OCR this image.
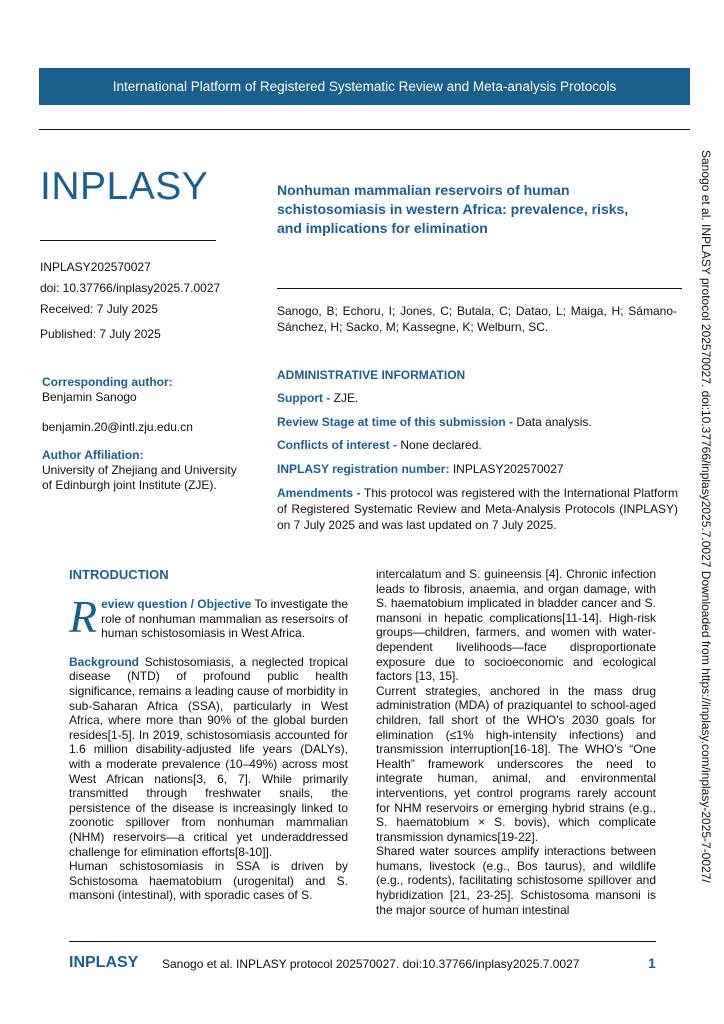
International Platform of Registered Systematic Review and Meta-analysis Protocols
INPLASY
INPLASY202570027
doi: 10.37766/inplasy2025.7.0027
Received: 7 July 2025
Published: 7 July 2025
Corresponding author:
Benjamin Sanogo
benjamin.20@intl.zju.edu.cn
Author Affiliation:
University of Zhejiang and University
of Edinburgh joint Institute (ZJE).
Nonhuman mammalian reservoirs of human
schistosomiasis in western Africa: prevalence, risks,
and implications for elimination
Sanogo, B; Echoru, I; Jones, C; Butala, C; Datao, L; Maiga, H; Sámano-Sánchez, H; Sacko, M; Kassegne, K; Welburn, SC.
ADMINISTRATIVE INFORMATION
Support - ZJE.
Review Stage at time of this submission - Data analysis.
Conflicts of interest - None declared.
INPLASY registration number: INPLASY202570027
Amendments - This protocol was registered with the International Platform of Registered Systematic Review and Meta-Analysis Protocols (INPLASY) on 7 July 2025 and was last updated on 7 July 2025.
INTRODUCTION

Review question / Objective To investigate the role of nonhuman mammalian as resersoirs of human schistosomiasis in West Africa.

Background Schistosomiasis, a neglected tropical disease (NTD) of profound public health significance, remains a leading cause of morbidity in sub-Saharan Africa (SSA), particularly in West Africa, where more than 90% of the global burden resides[1-5]. In 2019, schistosomiasis accounted for 1.6 million disability-adjusted life years (DALYs), with a moderate prevalence (10–49%) across most West African nations[3, 6, 7]. While primarily transmitted through freshwater snails, the persistence of the disease is increasingly linked to zoonotic spillover from nonhuman mammalian (NHM) reservoirs—a critical yet underaddressed challenge for elimination efforts[8-10]].

Human schistosomiasis in SSA is driven by Schistosoma haematobium (urogenital) and S. mansoni (intestinal), with sporadic cases of S.

intercalatum and S. guineensis [4]. Chronic infection leads to fibrosis, anaemia, and organ damage, with S. haematobium implicated in bladder cancer and S. mansoni in hepatic complications[11-14]. High-risk groups—children, farmers, and women with water-dependent livelihoods—face disproportionate exposure due to socioeconomic and ecological factors [13, 15].

Current strategies, anchored in the mass drug administration (MDA) of praziquantel to school-aged children, fall short of the WHO's 2030 goals for elimination (≤1% high-intensity infections) and transmission interruption[16-18]. The WHO's “One Health” framework underscores the need to integrate human, animal, and environmental interventions, yet control programs rarely account for NHM reservoirs or emerging hybrid strains (e.g., S. haematobium × S. bovis), which complicate transmission dynamics[19-22].

Shared water sources amplify interactions between humans, livestock (e.g., Bos taurus), and wildlife (e.g., rodents), facilitating schistosome spillover and hybridization [21, 23-25]. Schistosoma mansoni is the major source of human intestinal

Sanogo et al. INPLASY protocol 202570027. doi:10.37766/inplasy2025.7.0027 Downloaded from https://inplasy.com/inplasy-2025-7-0027/
INPLASY Sanogo et al. INPLASY protocol 202570027. doi:10.37766/inplasy2025.7.0027	1
